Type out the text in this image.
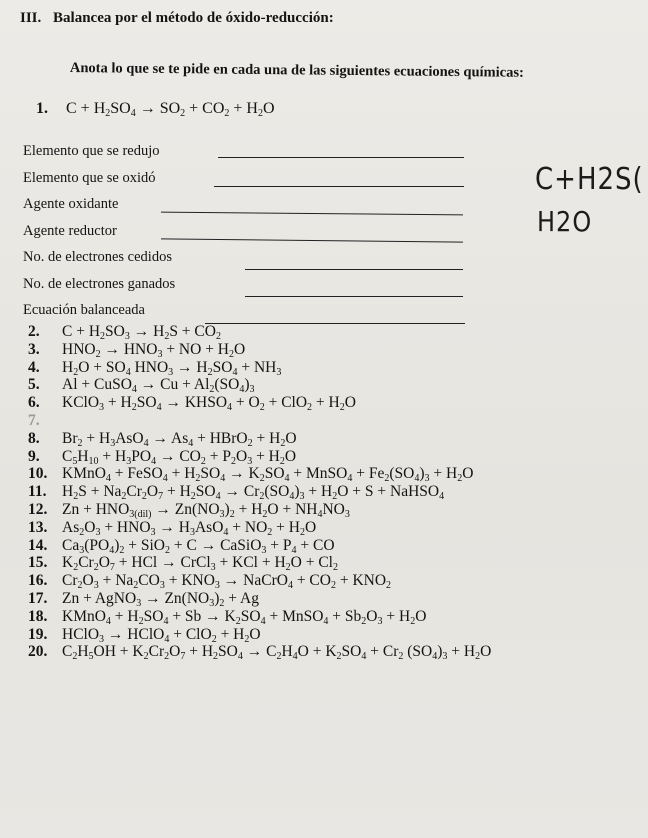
III. Balancea por el método de óxido-reducción:
Anota lo que se te pide en cada una de las siguientes ecuaciones químicas:
1. $C + H_2SO_4 \to SO_2 + CO_2 + H_2O$
Elemento que se redujo
Elemento que se oxidó
Agente oxidante
Agente reductor
No. de electrones cedidos
No. de electrones ganados
Ecuación balanceada
C+H2S(
H2O
2. $C + H_2SO_3 \to H_2S + CO_2$
3. $HNO_2 \to HNO_3$ + NO + $H_2O$
4. $H_2O + SO_4$ $HNO_3 \to H_2SO_4 + NH_3$
5. Al + CuSO$_4$ → $Cu + Al_2(SO_4)_3$
6. KClO$_3$ + $H_2SO_4$ → $KHSO_4 + O_2 + ClO_2 + H_2O$
7.
8. $Br_2 + H_3AsO_4 \to As_4$ + HBrO$_2$ + $H_2O$
9. $C_5H_{10} + H_3PO_4 \to CO_2 + P_2O_3 + H_2O$
10. KMnO$_4$ + FeSO$_4$ + $H_2SO_4 \to K_2SO_4$ + MnSO$_4$ + $Fe_2(SO_4)_3 + H_2O$
11. $H_2S + Na_2Cr_2O_7 + H_2SO_4 \to Cr_2(SO_4)_3 + H_2O + S$ + NaHSO$_4$
12. $Zn + HNO_{3(dil)} \to Zn(NO_3)_2 + H_2O + NH_4NO_3$
13. $As_2O_3 + HNO_3 \to H_3AsO_4 + NO_2 + H_2O$
14. $Ca_3(PO_4)_2 + SiO_2 + C$ → CaSiO$_3$ + $P_4$ + CO
15. $K_2Cr_2O_7$ + HCl → CrCl$_3$ + KCl + $H_2O + Cl_2$
16. $Cr_2O_3 + Na_2CO_3 + KNO_3$ → NaCrO$_4$ + $CO_2 + KNO_2$
17. Zn + AgNO$_3$ → $Zn(NO_3)_2 + Ag$
18. KMnO$_4$ + $H_2SO_4 + Sb \to K_2SO_4$ + MnSO$_4$ + $Sb_2O_3 + H_2O$
19. HClO$_3$ → HClO$_4$ + $ClO_2 + H_2O$
20. $C_2H_5OH + K_2Cr_2O_7 + H_2SO_4 \to C_2H_4O + K_2SO_4 + Cr_2$ $(SO_4)_3 + H_2O$
